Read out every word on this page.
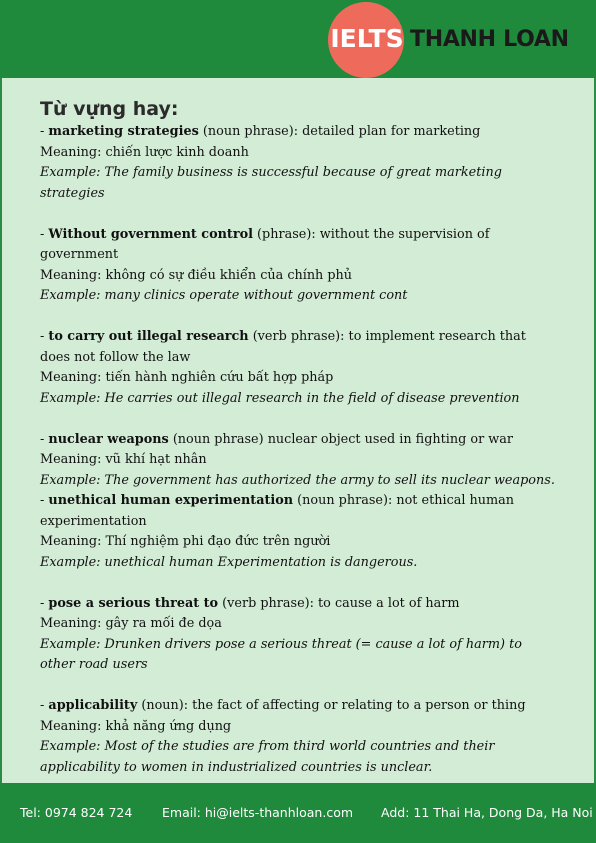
IELTS THANH LOAN
Từ vựng hay:
- marketing strategies (noun phrase): detailed plan for marketing
Meaning: chiến lược kinh doanh
Example: The family business is successful because of great marketing strategies
- Without government control (phrase): without the supervision of government
Meaning: không có sự điều khiển của chính phủ
Example: many clinics operate without government cont
- to carry out illegal research (verb phrase): to implement research that does not follow the law
Meaning: tiến hành nghiên cứu bất hợp pháp
Example: He carries out illegal research in the field of disease prevention
- nuclear weapons (noun phrase) nuclear object used in fighting or war
Meaning: vũ khí hạt nhân
Example: The government has authorized the army to sell its nuclear weapons.
- unethical human experimentation (noun phrase): not ethical human experimentation
Meaning: Thí nghiệm phi đạo đức trên người
Example: unethical human Experimentation is dangerous.
- pose a serious threat to (verb phrase): to cause a lot of harm
Meaning: gây ra mối đe dọa
Example: Drunken drivers pose a serious threat (= cause a lot of harm) to other road users
- applicability (noun): the fact of affecting or relating to a person or thing
Meaning: khả năng ứng dụng
Example: Most of the studies are from third world countries and their applicability to women in industrialized countries is unclear.
Tel: 0974 824 724 Email: hi@ielts-thanhloan.com Add: 11 Thai Ha, Dong Da, Ha Noi
